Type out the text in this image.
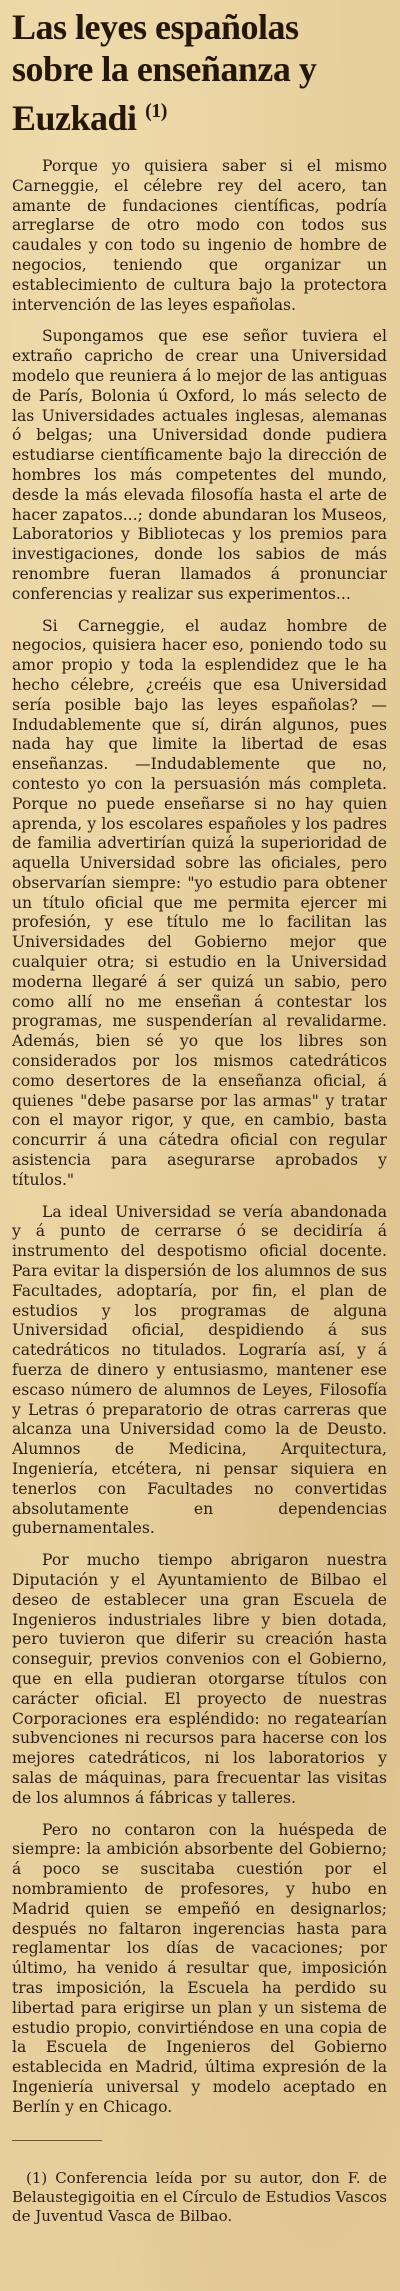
Las leyes españolas sobre la enseñanza y Euzkadi $^{(1)}$

Porque yo quisiera saber si el mismo Carneggie, el célebre rey del acero, tan amante de fundaciones científicas, podría arreglarse de otro modo con todos sus caudales y con todo su ingenio de hombre de negocios, teniendo que organizar un establecimiento de cultura bajo la protectora intervención de las leyes españolas.

Supongamos que ese señor tuviera el extraño capricho de crear una Universidad modelo que reuniera á lo mejor de las antiguas de París, Bolonia ú Oxford, lo más selecto de las Universidades actuales inglesas, alemanas ó belgas; una Universidad donde pudiera estudiarse científicamente bajo la dirección de hombres los más competentes del mundo, desde la más elevada filosofía hasta el arte de hacer zapatos...; donde abundaran los Museos, Laboratorios y Bibliotecas y los premios para investigaciones, donde los sabios de más renombre fueran llamados á pronunciar conferencias y realizar sus experimentos...

Si Carneggie, el audaz hombre de negocios, quisiera hacer eso, poniendo todo su amor propio y toda la esplendidez que le ha hecho célebre, ¿creéis que esa Universidad sería posible bajo las leyes españolas? —Indudablemente que sí, dirán algunos, pues nada hay que limite la libertad de esas enseñanzas. —Indudablemente que no, contesto yo con la persuasión más completa. Porque no puede enseñarse si no hay quien aprenda, y los escolares españoles y los padres de familia advertirían quizá la superioridad de aquella Universidad sobre las oficiales, pero observarían siempre: "yo estudio para obtener un título oficial que me permita ejercer mi profesión, y ese título me lo facilitan las Universidades del Gobierno mejor que cualquier otra; si estudio en la Universidad moderna llegaré á ser quizá un sabio, pero como allí no me enseñan á contestar los programas, me suspenderían al revalidarme. Además, bien sé yo que los libres son considerados por los mismos catedráticos como desertores de la enseñanza oficial, á quienes "debe pasarse por las armas" y tratar con el mayor rigor, y que, en cambio, basta concurrir á una cátedra oficial con regular asistencia para asegurarse aprobados y títulos."

La ideal Universidad se vería abandonada y á punto de cerrarse ó se decidiría á instrumento del despotismo oficial docente. Para evitar la dispersión de los alumnos de sus Facultades, adoptaría, por fin, el plan de estudios y los programas de alguna Universidad oficial, despidiendo á sus catedráticos no titulados. Lograría así, y á fuerza de dinero y entusiasmo, mantener ese escaso número de alumnos de Leyes, Filosofía y Letras ó preparatorio de otras carreras que alcanza una Universidad como la de Deusto. Alumnos de Medicina, Arquitectura, Ingeniería, etcétera, ni pensar siquiera en tenerlos con Facultades no convertidas absolutamente en dependencias gubernamentales.

Por mucho tiempo abrigaron nuestra Diputación y el Ayuntamiento de Bilbao el deseo de establecer una gran Escuela de Ingenieros industriales libre y bien dotada, pero tuvieron que diferir su creación hasta conseguir, previos convenios con el Gobierno, que en ella pudieran otorgarse títulos con carácter oficial. El proyecto de nuestras Corporaciones era espléndido: no regatearían subvenciones ni recursos para hacerse con los mejores catedráticos, ni los laboratorios y salas de máquinas, para frecuentar las visitas de los alumnos á fábricas y talleres.

Pero no contaron con la huéspeda de siempre: la ambición absorbente del Gobierno; á poco se suscitaba cuestión por el nombramiento de profesores, y hubo en Madrid quien se empeñó en designarlos; después no faltaron ingerencias hasta para reglamentar los días de vacaciones; por último, ha venido á resultar que, imposición tras imposición, la Escuela ha perdido su libertad para erigirse un plan y un sistema de estudio propio, convirtiéndose en una copia de la Escuela de Ingenieros del Gobierno establecida en Madrid, última expresión de la Ingeniería universal y modelo aceptado en Berlín y en Chicago.

(1) Conferencia leída por su autor, don F. de Belaustegigoitia en el Círculo de Estudios Vascos de Juventud Vasca de Bilbao.
